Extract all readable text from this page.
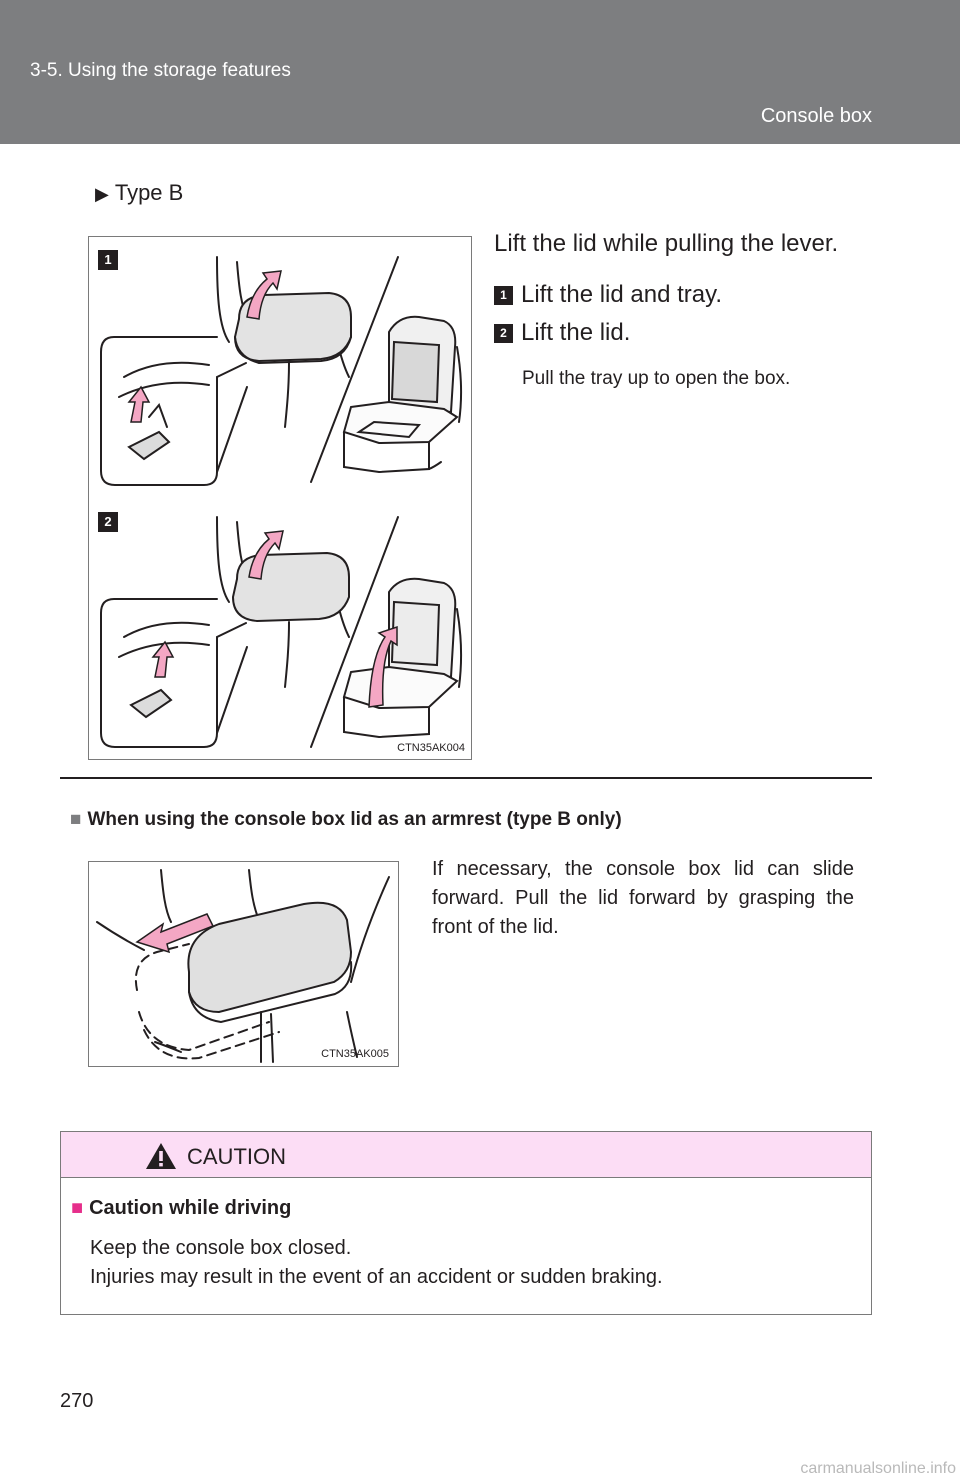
3-5. Using the storage features
Console box
▶ Type B
1
2
CTN35AK004
Lift the lid while pulling the lever.
1 Lift the lid and tray.
2 Lift the lid.
Pull the tray up to open the box.
■ When using the console box lid as an armrest (type B only)
CTN35AK005
If necessary, the console box lid can slide forward. Pull the lid forward by grasping the front of the lid.
CAUTION
■ Caution while driving
Keep the console box closed.
Injuries may result in the event of an accident or sudden braking.
270
carmanualsonline.info
